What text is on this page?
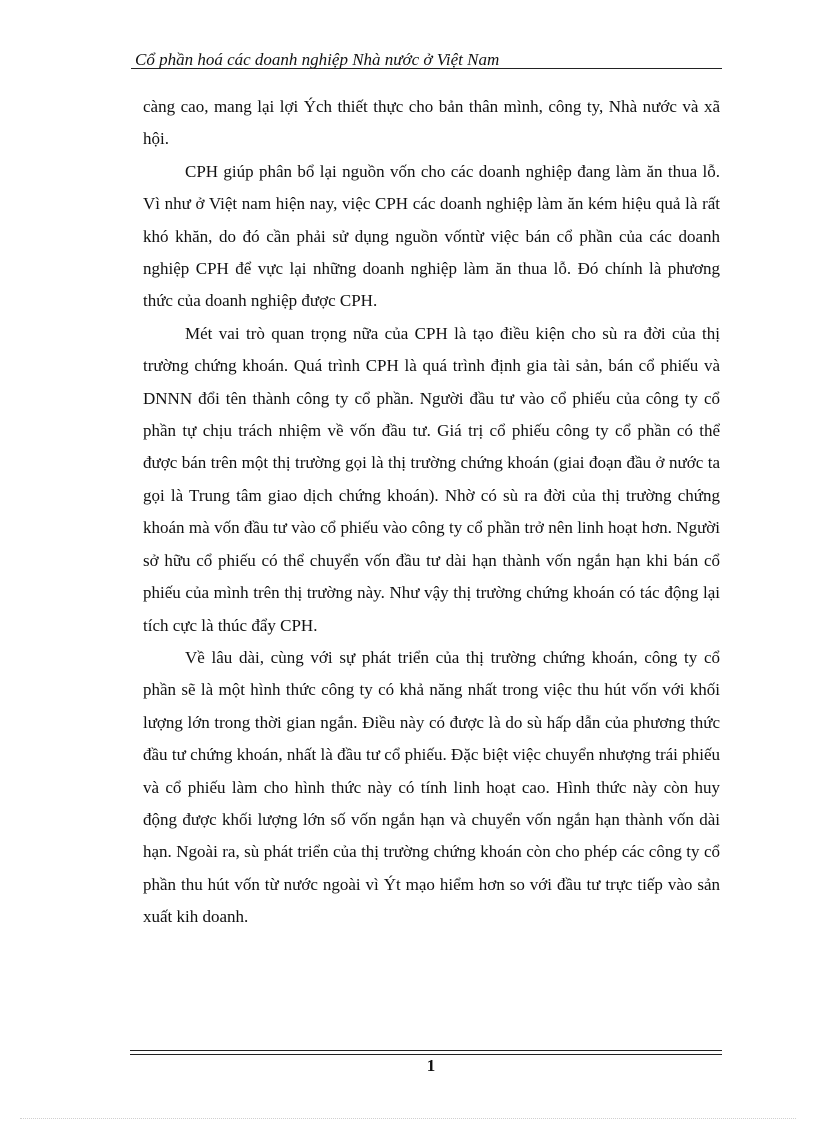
Cổ phần hoá các doanh nghiệp Nhà nước ở Việt Nam

càng cao, mang lại lợi Ých thiết thực cho bản thân mình, công ty, Nhà nước và xã hội.

CPH giúp phân bổ lại nguồn vốn cho các doanh nghiệp đang làm ăn thua lỗ. Vì như ở Việt nam hiện nay, việc CPH các doanh nghiệp làm ăn kém hiệu quả là rất khó khăn, do đó cần phải sử dụng nguồn vốntừ việc bán cổ phần của các doanh nghiệp CPH để vực lại những doanh nghiệp làm ăn thua lỗ. Đó chính là phương thức của doanh nghiệp được CPH.

Mét vai trò quan trọng nữa của CPH là tạo điều kiện cho sù ra đời của thị trường chứng khoán. Quá trình CPH là quá trình định gia tài sản, bán cổ phiếu và DNNN đổi tên thành công ty cổ phần. Người đầu tư vào cổ phiếu của công ty cổ phần tự chịu trách nhiệm về vốn đầu tư. Giá trị cổ phiếu công ty cổ phần có thể được bán trên một thị trường gọi là thị trường chứng khoán (giai đoạn đầu ở nước ta gọi là Trung tâm giao dịch chứng khoán). Nhờ có sù ra đời của thị trường chứng khoán mà vốn đầu tư vào cổ phiếu vào công ty cổ phần trở nên linh hoạt hơn. Người sở hữu cổ phiếu có thể chuyển vốn đầu tư dài hạn thành vốn ngắn hạn khi bán cổ phiếu của mình trên thị trường này. Như vậy thị trường chứng khoán có tác động lại tích cực là thúc đẩy CPH.

Về lâu dài, cùng với sự phát triển của thị trường chứng khoán, công ty cổ phần sẽ là một hình thức công ty có khả năng nhất trong việc thu hút vốn với khối lượng lớn trong thời gian ngắn. Điều này có được là do sù hấp dẫn của phương thức đầu tư chứng khoán, nhất là đầu tư cổ phiếu. Đặc biệt việc chuyển nhượng trái phiếu và cổ phiếu làm cho hình thức này có tính linh hoạt cao. Hình thức này còn huy động được khối lượng lớn số vốn ngắn hạn và chuyển vốn ngắn hạn thành vốn dài hạn. Ngoài ra, sù phát triển của thị trường chứng khoán còn cho phép các công ty cổ phần thu hút vốn từ nước ngoài vì Ýt mạo hiểm hơn so với đầu tư trực tiếp vào sản xuất kih doanh.

1
